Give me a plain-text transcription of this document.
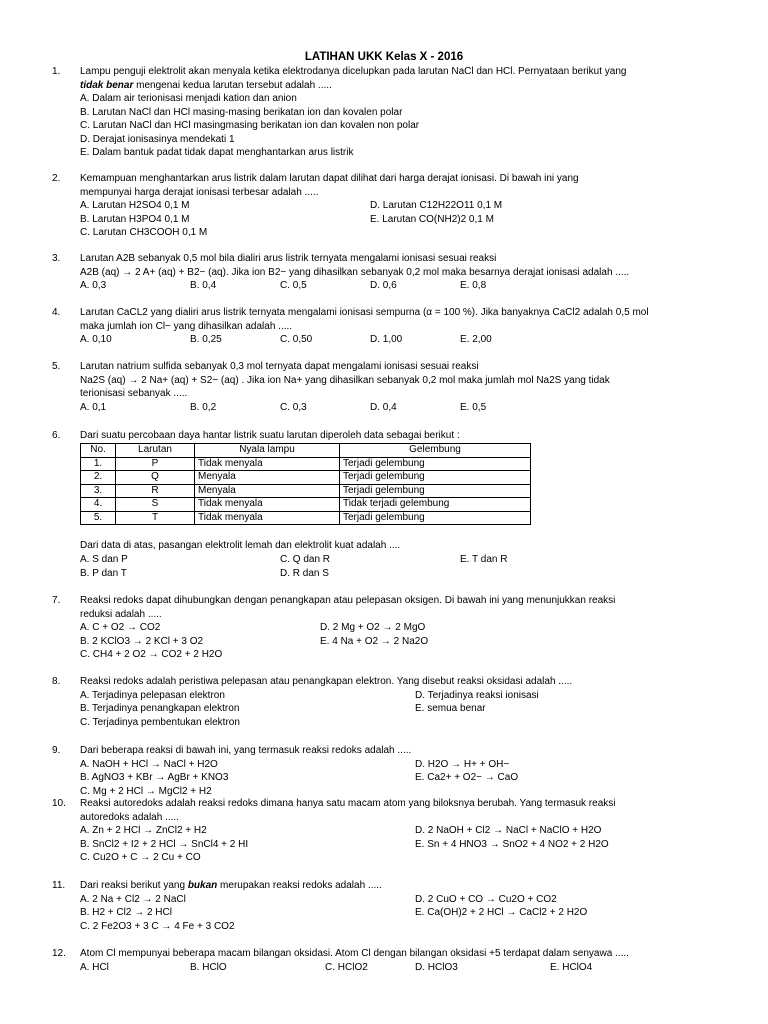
LATIHAN UKK Kelas X - 2016
1. Lampu penguji elektrolit akan menyala ketika elektrodanya dicelupkan pada larutan NaCl dan HCl. Pernyataan berikut yang
tidak benar mengenai kedua larutan tersebut adalah .....
A. Dalam air terionisasi menjadi kation dan anion
B. Larutan NaCl dan HCl masing-masing berikatan ion dan kovalen polar
C. Larutan NaCl dan HCl masingmasing berikatan ion dan kovalen non polar
D. Derajat ionisasinya mendekati 1
E. Dalam bantuk padat tidak dapat menghantarkan arus listrik
2. Kemampuan menghantarkan arus listrik dalam larutan dapat dilihat dari harga derajat ionisasi. Di bawah ini yang
mempunyai harga derajat ionisasi terbesar adalah .....
A. Larutan H2SO4 0,1 M
B. Larutan H3PO4 0,1 M
C. Larutan CH3COOH 0,1 M
D. Larutan C12H22O11 0,1 M
E. Larutan CO(NH2)2 0,1 M
3. Larutan A2B sebanyak 0,5 mol bila dialiri arus listrik ternyata mengalami ionisasi sesuai reaksi
A2B (aq) → 2 A+ (aq) + B2− (aq). Jika ion B2− yang dihasilkan sebanyak 0,2 mol maka besarnya derajat ionisasi adalah .....
A. 0,3	B. 0,4	C. 0,5	D. 0,6	E. 0,8
4. Larutan CaCL2 yang dialiri arus listrik ternyata mengalami ionisasi sempurna (α = 100 %). Jika banyaknya CaCl2 adalah 0,5 mol
maka jumlah ion Cl− yang dihasilkan adalah .....
A. 0,10	B. 0,25	C. 0,50	D. 1,00	E. 2,00
5. Larutan natrium sulfida sebanyak 0,3 mol ternyata dapat mengalami ionisasi sesuai reaksi
Na2S (aq) → 2 Na+ (aq) + S2− (aq) . Jika ion Na+ yang dihasilkan sebanyak 0,2 mol maka jumlah mol Na2S yang tidak
terionisasi sebanyak .....
A. 0,1	B. 0,2	C. 0,3	D. 0,4	E. 0,5
6. Dari suatu percobaan daya hantar listrik suatu larutan diperoleh data sebagai berikut :
No.	Larutan	Nyala lampu	Gelembung
1.	P	Tidak menyala	Terjadi gelembung
2.	Q	Menyala	Terjadi gelembung
3.	R	Menyala	Terjadi gelembung
4.	S	Tidak menyala	Tidak terjadi gelembung
5.	T	Tidak menyala	Terjadi gelembung
Dari data di atas, pasangan elektrolit lemah dan elektrolit kuat adalah ....
A. S dan P
B. P dan T
C. Q dan R
D. R dan S
E. T dan R
7. Reaksi redoks dapat dihubungkan dengan penangkapan atau pelepasan oksigen. Di bawah ini yang menunjukkan reaksi
reduksi adalah .....
A. C + O2 → CO2
B. 2 KClO3 → 2 KCl + 3 O2
C. CH4 + 2 O2 → CO2 + 2 H2O
D. 2 Mg + O2 → 2 MgO
E. 4 Na + O2 → 2 Na2O
8. Reaksi redoks adalah peristiwa pelepasan atau penangkapan elektron. Yang disebut reaksi oksidasi adalah .....
A. Terjadinya pelepasan elektron
B. Terjadinya penangkapan elektron
C. Terjadinya pembentukan elektron
D. Terjadinya reaksi ionisasi
E. semua benar
9. Dari beberapa reaksi di bawah ini, yang termasuk reaksi redoks adalah .....
A. NaOH + HCl → NaCl + H2O
B. AgNO3 + KBr → AgBr + KNO3
C. Mg + 2 HCl → MgCl2 + H2
D. H2O → H+ + OH−
E. Ca2+ + O2− → CaO
10. Reaksi autoredoks adalah reaksi redoks dimana hanya satu macam atom yang biloksnya berubah. Yang termasuk reaksi
autoredoks adalah .....
A. Zn + 2 HCl → ZnCl2 + H2
B. SnCl2 + I2 + 2 HCl → SnCl4 + 2 HI
C. Cu2O + C → 2 Cu + CO
D. 2 NaOH + Cl2 → NaCl + NaClO + H2O
E. Sn + 4 HNO3 → SnO2 + 4 NO2 + 2 H2O
11. Dari reaksi berikut yang bukan merupakan reaksi redoks adalah .....
A. 2 Na + Cl2 → 2 NaCl
B. H2 + Cl2 → 2 HCl
C. 2 Fe2O3 + 3 C → 4 Fe + 3 CO2
D. 2 CuO + CO → Cu2O + CO2
E. Ca(OH)2 + 2 HCl → CaCl2 + 2 H2O
12. Atom Cl mempunyai beberapa macam bilangan oksidasi. Atom Cl dengan bilangan oksidasi +5 terdapat dalam senyawa .....
A. HCl	B. HClO	C. HClO2	D. HClO3	E. HClO4
